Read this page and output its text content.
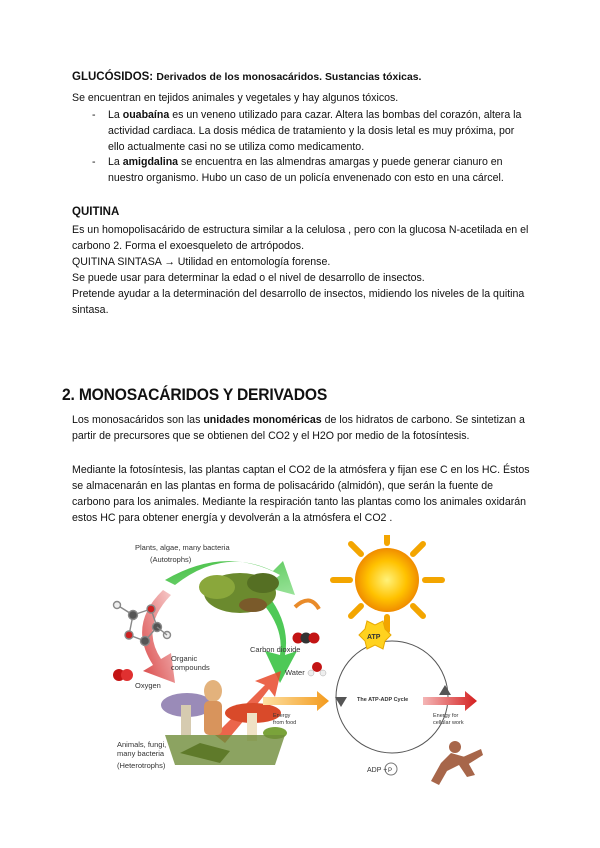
GLUCÓSIDOS: Derivados de los monosacáridos. Sustancias tóxicas.

Se encuentran en tejidos animales y vegetales y hay algunos tóxicos.

- La ouabaína es un veneno utilizado para cazar. Altera las bombas del corazón, altera la actividad cardiaca. La dosis médica de tratamiento y la dosis letal es muy próxima, por ello actualmente casi no se utiliza como medicamento.
- La amigdalina se encuentra en las almendras amargas y puede generar cianuro en nuestro organismo. Hubo un caso de un policía envenenado con esto en una cárcel.

QUITINA

Es un homopolisacárido de estructura similar a la celulosa , pero con la glucosa N-acetilada en el carbono 2. Forma el exoesqueleto de artrópodos.

QUITINA SINTASA → Utilidad en entomología forense.

Se puede usar para determinar la edad o el nivel de desarrollo de insectos.

Pretende ayudar a la determinación del desarrollo de insectos, midiendo los niveles de la quitina sintasa.

2. MONOSACÁRIDOS Y DERIVADOS

Los monosacáridos son las unidades monoméricas de los hidratos de carbono. Se sintetizan a partir de precursores que se obtienen del CO2 y el H2O por medio de la fotosíntesis.

Mediante la fotosíntesis, las plantas captan el CO2 de la atmósfera y fijan ese C en los HC. Éstos se almacenarán en las plantas en forma de polisacárido (almidón), que serán la fuente de carbono para los animales. Mediante la respiración tanto las plantas como los animales oxidarán estos HC para obtener energía y devolverán a la atmósfera el CO2 .

Plants, algae, many bacteria
(Autotrophs)
Organic
compounds
Oxygen
Carbon dioxide
Water
ATP
The ATP-ADP Cycle
Energy
from food
Energy for
cellular work
ADP + P
Animals, fungi,
many bacteria
(Heterotrophs)
